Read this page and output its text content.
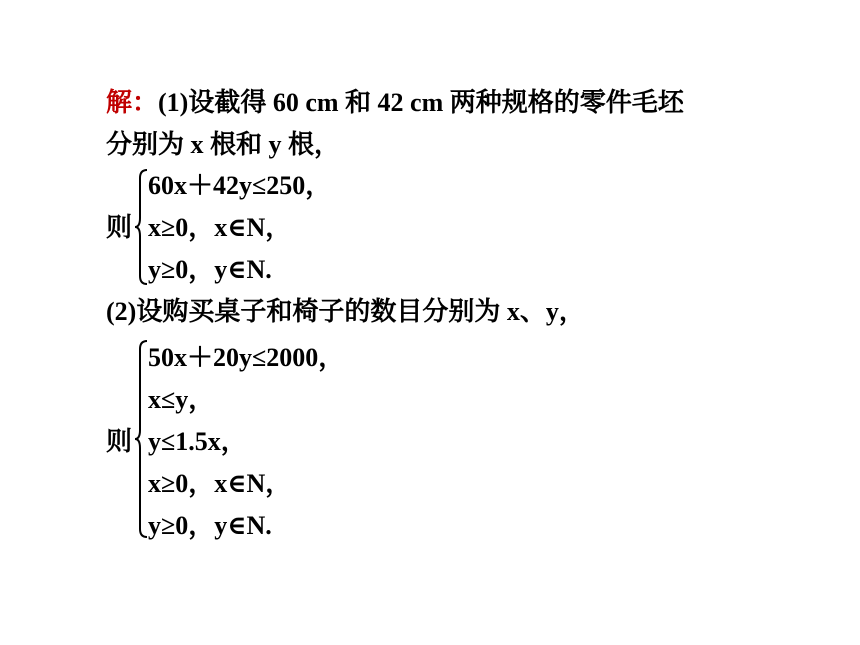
解：(1)设截得 60 cm 和 42 cm 两种规格的零件毛坯
分别为 x 根和 y 根，
则
60x＋42y≤250，
x≥0，x∈N，
y≥0，y∈N.
(2)设购买桌子和椅子的数目分别为 x、y，
则
50x＋20y≤2000，
x≤y，
y≤1.5x，
x≥0，x∈N，
y≥0，y∈N.
